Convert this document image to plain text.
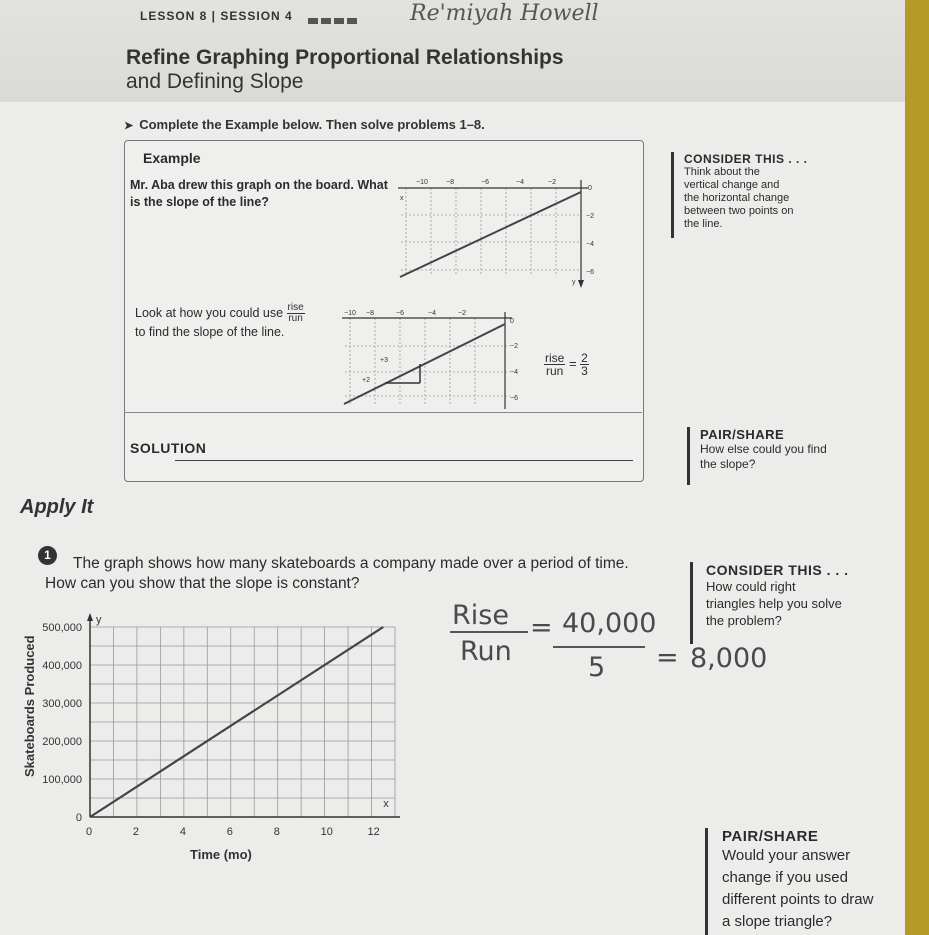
LESSON 8 | SESSION 4	Re'miyah Howell
Refine Graphing Proportional Relationships
and Defining Slope
➤ Complete the Example below. Then solve problems 1–8.
Example
Mr. Aba drew this graph on the board. What is the slope of the line?
−10	−8	−6	−4	−2
0
−2
−4
−6
x
y
Look at how you could use $\frac{\text{rise}}{\text{run}}$

to find the slope of the line.
−10 −8	−6	−4	−2
0
−2
−4
−6
+3
+2
$\frac{\text{rise}}{\text{run}} = \frac{2}{3}$
SOLUTION
CONSIDER THIS . . .
Think about the
vertical change and
the horizontal change
between two points on
the line.
PAIR/SHARE
How else could you find
the slope?
Apply It
1	The graph shows how many skateboards a company made over a period of time. How can you show that the slope is constant?
0	2	4	6	8	10	12
0
100,000
200,000
300,000
400,000
500,000
Time (mo)
Skateboards Produced
x
y	Rise
Run
= 40,000
5 = 8,000
CONSIDER THIS . . .
How could right
triangles help you solve
the problem?
PAIR/SHARE
Would your answer
change if you used
different points to draw
a slope triangle?
